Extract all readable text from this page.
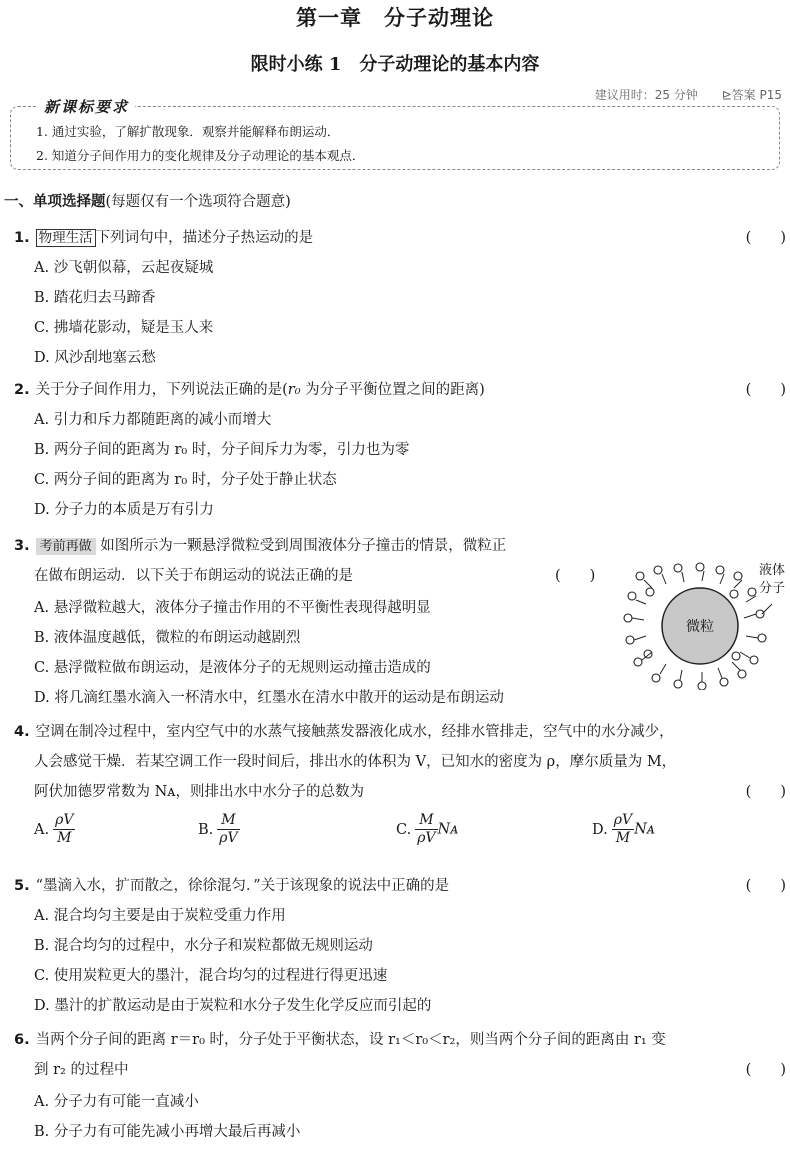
第一章　分子动理论
限时小练 1　分子动理论的基本内容
建议用时：25 分钟 ⊵答案 P15
新课标要求
1. 通过实验，了解扩散现象．观察并能解释布朗运动．
2. 知道分子间作用力的变化规律及分子动理论的基本观点．
一、单项选择题(每题仅有一个选项符合题意)
1. 物理生活 下列词句中，描述分子热运动的是	(　　)
A. 沙飞朝似幕，云起夜疑城
B. 踏花归去马蹄香
C. 拂墙花影动，疑是玉人来
D. 风沙刮地塞云愁
2. 关于分子间作用力，下列说法正确的是(r₀ 为分子平衡位置之间的距离)	(　　)
A. 引力和斥力都随距离的减小而增大
B. 两分子间的距离为 r₀ 时，分子间斥力为零，引力也为零
C. 两分子间的距离为 r₀ 时，分子处于静止状态
D. 分子力的本质是万有引力
3. 考前再做 如图所示为一颗悬浮微粒受到周围液体分子撞击的情景，微粒正
在做布朗运动．以下关于布朗运动的说法正确的是	(　　)
A. 悬浮微粒越大，液体分子撞击作用的不平衡性表现得越明显
B. 液体温度越低，微粒的布朗运动越剧烈
C. 悬浮微粒做布朗运动，是液体分子的无规则运动撞击造成的
D. 将几滴红墨水滴入一杯清水中，红墨水在清水中散开的运动是布朗运动
微粒
液体
分子
4. 空调在制冷过程中，室内空气中的水蒸气接触蒸发器液化成水，经排水管排走，空气中的水分减少，
人会感觉干燥．若某空调工作一段时间后，排出水的体积为 V，已知水的密度为 ρ，摩尔质量为 M，
阿伏加德罗常数为 Nᴀ，则排出水中水分子的总数为	(　　)
A. $\frac{\rho V}{M}$	B. $\frac{M}{\rho V}$	C. $\frac{M}{\rho V}$ Nᴀ	D. $\frac{\rho V}{M}$ Nᴀ
5. “墨滴入水，扩而散之，徐徐混匀．”关于该现象的说法中正确的是	(　　)
A. 混合均匀主要是由于炭粒受重力作用
B. 混合均匀的过程中，水分子和炭粒都做无规则运动
C. 使用炭粒更大的墨汁，混合均匀的过程进行得更迅速
D. 墨汁的扩散运动是由于炭粒和水分子发生化学反应而引起的
6. 当两个分子间的距离 r＝r₀ 时，分子处于平衡状态，设 r₁＜r₀＜r₂，则当两个分子间的距离由 r₁ 变
到 r₂ 的过程中	(　　)
A. 分子力有可能一直减小
B. 分子力有可能先减小再增大最后再减小
